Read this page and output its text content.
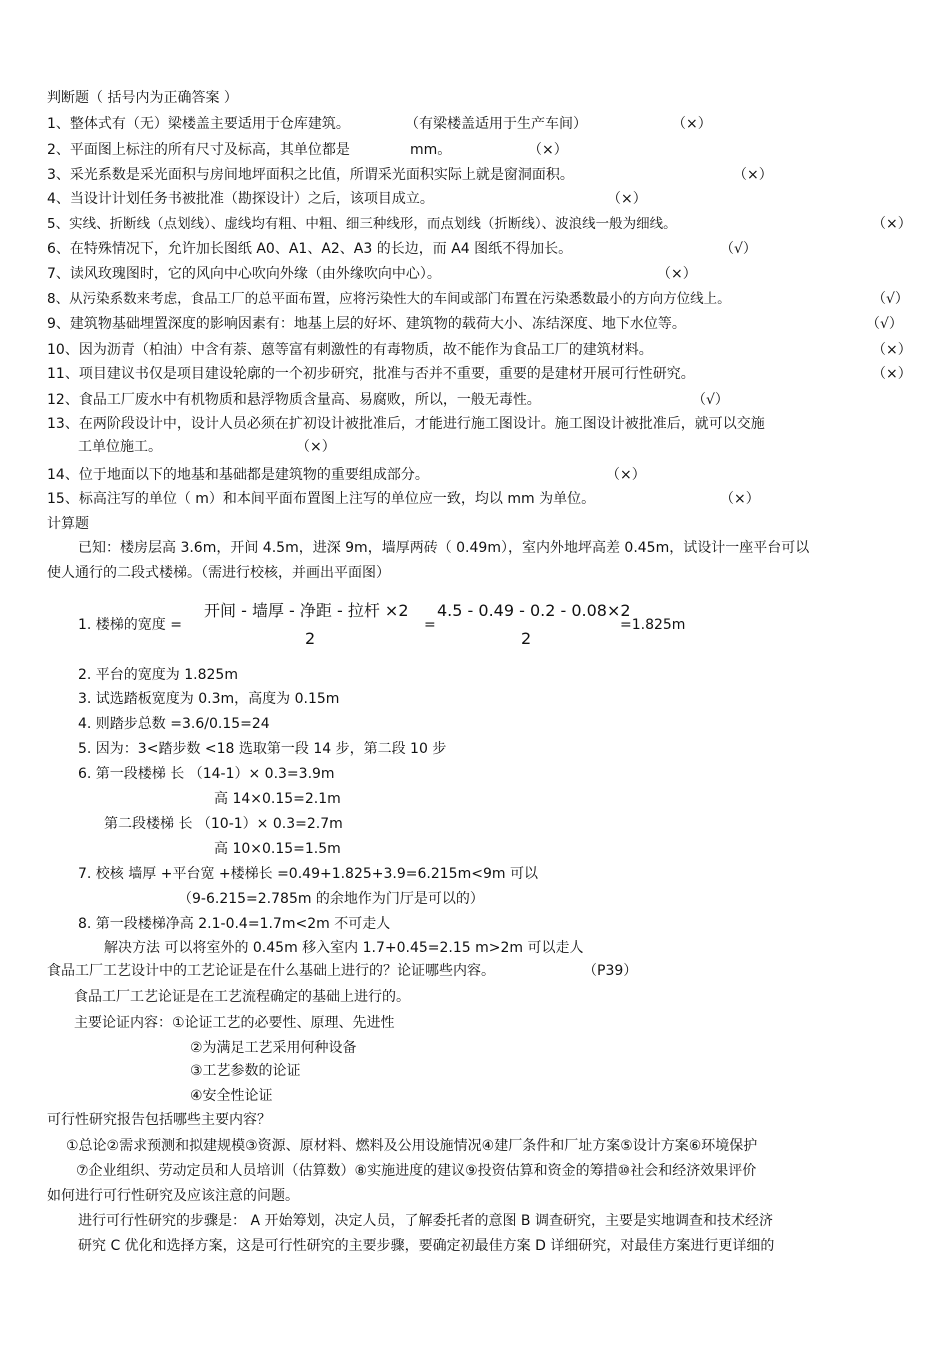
判断题（ 括号内为正确答案 ）
1、整体式有（无）梁楼盖主要适用于仓库建筑。	（有梁楼盖适用于生产车间）	（×）
2、平面图上标注的所有尺寸及标高，其单位都是	mm。	（×）
3、采光系数是采光面积与房间地坪面积之比值，所谓采光面积实际上就是窗洞面积。	（×）
4、当设计计划任务书被批准（勘探设计）之后，该项目成立。	（×）
5、实线、折断线（点划线）、虚线均有粗、中粗、细三种线形，而点划线（折断线）、波浪线一般为细线。	（×）
6、在特殊情况下，允许加长图纸 A0、A1、A2、A3 的长边，而 A4 图纸不得加长。	（√）
7、读风玫瑰图时，它的风向中心吹向外缘（由外缘吹向中心）。	（×）
8、从污染系数来考虑，食品工厂的总平面布置，应将污染性大的车间或部门布置在污染悉数最小的方向方位线上。	（√）
9、建筑物基础埋置深度的影响因素有：地基上层的好坏、建筑物的载荷大小、冻结深度、地下水位等。	（√）
10、因为沥青（柏油）中含有萘、蒽等富有刺激性的有毒物质，故不能作为食品工厂的建筑材料。	（×）
11、项目建议书仅是项目建设轮廓的一个初步研究，批准与否并不重要，重要的是建材开展可行性研究。	（×）
12、食品工厂废水中有机物质和悬浮物质含量高、易腐败，所以，一般无毒性。	（√）
13、在两阶段设计中，设计人员必须在扩初设计被批准后，才能进行施工图设计。施工图设计被批准后，就可以交施
工单位施工。	（×）
14、位于地面以下的地基和基础都是建筑物的重要组成部分。	（×）
15、标高注写的单位（ m）和本间平面布置图上注写的单位应一致，均以 mm 为单位。	（×）
计算题
已知：楼房层高 3.6m，开间 4.5m，进深 9m，墙厚两砖（ 0.49m），室内外地坪高差 0.45m，试设计一座平台可以
使人通行的二段式楼梯。（需进行校核，并画出平面图）
1. 楼梯的宽度 =
开间 - 墙厚 - 净距 - 拉杆 ×2
2
=
4.5 - 0.49 - 0.2 - 0.08×2
2
=1.825m
2. 平台的宽度为 1.825m
3. 试选踏板宽度为 0.3m，高度为 0.15m
4. 则踏步总数 =3.6/0.15=24
5. 因为：3<踏步数 <18 选取第一段 14 步，第二段 10 步
6. 第一段楼梯 长 （14-1）× 0.3=3.9m
高 14×0.15=2.1m
第二段楼梯 长 （10-1）× 0.3=2.7m
高 10×0.15=1.5m
7. 校核 墙厚 +平台宽 +楼梯长 =0.49+1.825+3.9=6.215m<9m 可以
（9-6.215=2.785m 的余地作为门厅是可以的）
8. 第一段楼梯净高 2.1-0.4=1.7m<2m 不可走人
解决方法 可以将室外的 0.45m 移入室内 1.7+0.45=2.15 m>2m 可以走人
食品工厂工艺设计中的工艺论证是在什么基础上进行的？论证哪些内容。	（P39）
食品工厂工艺论证是在工艺流程确定的基础上进行的。
主要论证内容：①论证工艺的必要性、原理、先进性
②为满足工艺采用何种设备
③工艺参数的论证
④安全性论证
可行性研究报告包括哪些主要内容？
①总论②需求预测和拟建规模③资源、原材料、燃料及公用设施情况④建厂条件和厂址方案⑤设计方案⑥环境保护
⑦企业组织、劳动定员和人员培训（估算数）⑧实施进度的建议⑨投资估算和资金的筹措⑩社会和经济效果评价
如何进行可行性研究及应该注意的问题。
进行可行性研究的步骤是： A 开始筹划，决定人员，了解委托者的意图 B 调查研究，主要是实地调查和技术经济
研究 C 优化和选择方案，这是可行性研究的主要步骤，要确定初最佳方案 D 详细研究，对最佳方案进行更详细的
